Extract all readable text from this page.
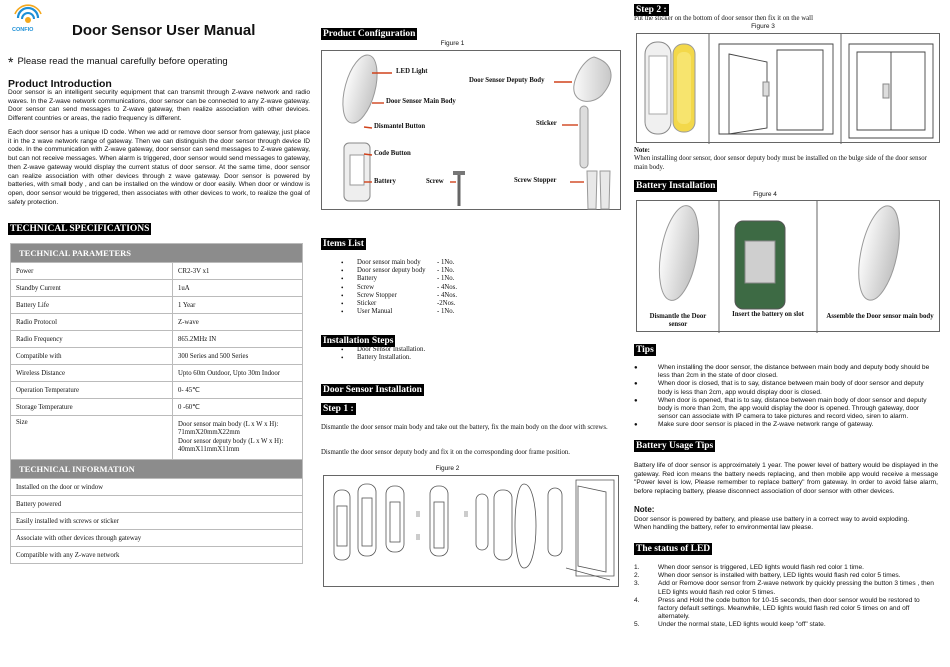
CONFIO	Door Sensor User Manual
* Please read the manual carefully before operating
Product Introduction
Door sensor is an intelligent security equipment that can transmit through Z-wave network and radio waves. In the Z-wave network communications, door sensor can be connected to any Z-wave gateway. Door sensor can send messages to Z-wave gateway, then realize association with other devices. Different countries or areas, the radio frequency is different.
Each door sensor has a unique ID code. When we add or remove door sensor from gateway, just place it in the z wave network range of gateway. Then we can distinguish the door sensor through device ID code. In the communication with Z-wave gateway, door sensor can send messages to Z-wave gateway, but can not receive messages. When alarm is triggered, door sensor would send messages to gateway, then Z-wave gateway would display the current status of door sensor. At the same time, door sensor can realize association with other devices through z wave gateway. Door sensor is powered by batteries, with small body , and can be installed on the window or door easily. When door or window is open, door sensor would be triggered, then associates with other devices to work, to realize the goal of safety protection.
TECHNICAL SPECIFICATIONS
TECHNICAL PARAMETERS	
Power	CR2-3V x1
Standby Current	1uA
Battery Life	1 Year
Radio Protocol	Z-wave
Radio Frequency	865.2MHz IN
Compatible with	300 Series and 500 Series
Wireless Distance	Upto 60m Outdoor, Upto 30m Indoor
Operation Temperature	0- 45℃
Storage Temperature	0 -60℃
Size	Door sensor main body (L x W x H): 71mmX20mmX22mm
Door sensor deputy body (L x W x H): 40mmX11mmX11mm

TECHNICAL INFORMATION	
Installed on the door or window	
Battery powered	
Easily installed with screws or sticker	
Associate with other devices through gateway	
Compatible with any Z-wave network	
Product Configuration
Figure 1
LED Light
Door Sensor Main Body
Dismantel Button
Code Button
Battery	Screw
Door Sensor Deputy Body
Sticker
Screw Stopper
Items List
• Door sensor main body - 1No.
• Door sensor deputy body - 1No.
• Battery	- 1No.
• Screw	- 4Nos.
• Screw Stopper	- 4Nos.
• Sticker	-2Nos.
• User Manual	- 1No.
Installation Steps
• Door Sensor Installation.
• Battery Installation.
Door Sensor Installation
Step 1 :
Dismantle the door sensor main body and take out the battery, fix the main body on the door with screws.
Dismantle the door sensor deputy body and fix it on the corresponding door frame position.
Figure 2
Step 2 :
Put the sticker on the bottom of door sensor then fix it on the wall
Figure 3
Note:
When installing door sensor, door sensor deputy body must be installed on the bulge side of the door sensor main body.
Battery Installation
Figure 4
Dismantle the Door sensor
Insert the battery on slot	Assemble the Door sensor main body
Tips
● When installing the door sensor, the distance between main body and deputy body should be less than 2cm in the state of door closed.
● When door is closed, that is to say, distance between main body of door sensor and deputy body is less than 2cm, app would display door is closed.
● When door is opened, that is to say, distance between main body of door sensor and deputy body is more than 2cm, the app would display the door is opened. Through gateway, door sensor can associate with IP camera to take pictures and record video, siren to alarm.
● Make sure door sensor is placed in the Z-wave network range of gateway.
Battery Usage Tips
Battery life of door sensor is approximately 1 year. The power level of battery would be displayed in the gateway. Red icon means the battery needs replacing, and then mobile app would receive a message "Power level is low, Please remember to replace battery" from gateway. In order to avoid false alarm, before replacing battery, please disconnect association of door sensor with other devices.
Note:
Door sensor is powered by battery, and please use battery in a correct way to avoid exploding.
When handling the battery, refer to environmental law please.
The status of LED
1.	When door sensor is triggered, LED lights would flash red color 1 time.
2.	When door sensor is installed with battery, LED lights would flash red color 5 times.
3.	Add or Remove door sensor from Z-wave network by quickly pressing the button 3 times , then LED lights would flash red color 5 times.
4.	Press and Hold the code button for 10-15 seconds, then door sensor would be restored to factory default settings. Meanwhile, LED lights would flash red color 5 times on and off alternately.
5.	Under the normal state, LED lights would keep "off" state.
